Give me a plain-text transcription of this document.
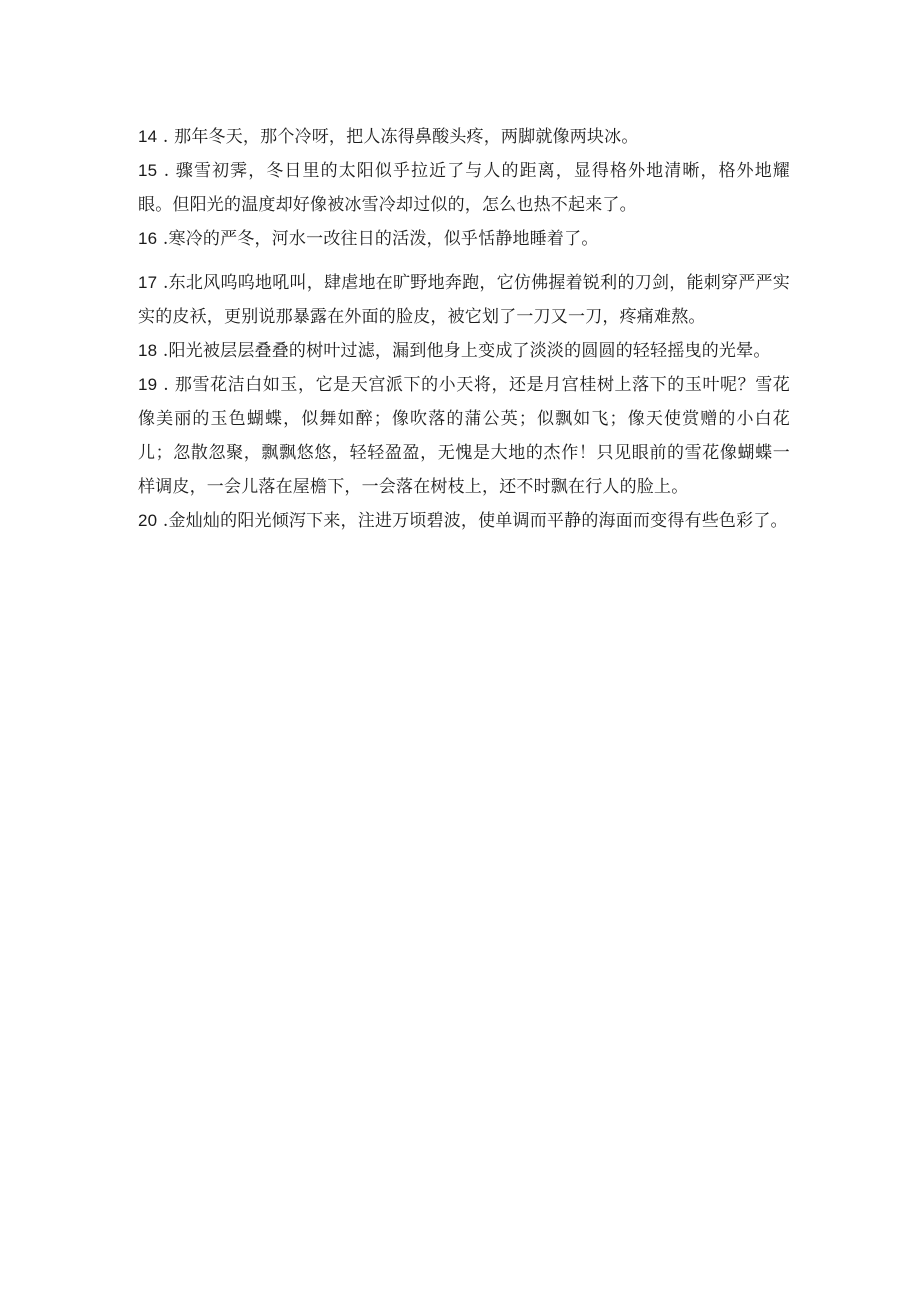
14 . 那年冬天，那个冷呀，把人冻得鼻酸头疼，两脚就像两块冰。

15 . 骤雪初霁，冬日里的太阳似乎拉近了与人的距离，显得格外地清晰，格外地耀眼。但阳光的温度却好像被冰雪冷却过似的，怎么也热不起来了。

16 .寒冷的严冬，河水一改往日的活泼，似乎恬静地睡着了。

17 .东北风呜呜地吼叫，肆虐地在旷野地奔跑，它仿佛握着锐利的刀剑，能刺穿严严实实的皮袄，更别说那暴露在外面的脸皮，被它划了一刀又一刀，疼痛难熬。

18 .阳光被层层叠叠的树叶过滤，漏到他身上变成了淡淡的圆圆的轻轻摇曳的光晕。

19 . 那雪花洁白如玉，它是天宫派下的小天将，还是月宫桂树上落下的玉叶呢？雪花像美丽的玉色蝴蝶，似舞如醉；像吹落的蒲公英；似飘如飞；像天使赏赠的小白花儿；忽散忽聚，飘飘悠悠，轻轻盈盈，无愧是大地的杰作！只见眼前的雪花像蝴蝶一样调皮，一会儿落在屋檐下，一会落在树枝上，还不时飘在行人的脸上。

20 .金灿灿的阳光倾泻下来，注进万顷碧波，使单调而平静的海面而变得有些色彩了。
